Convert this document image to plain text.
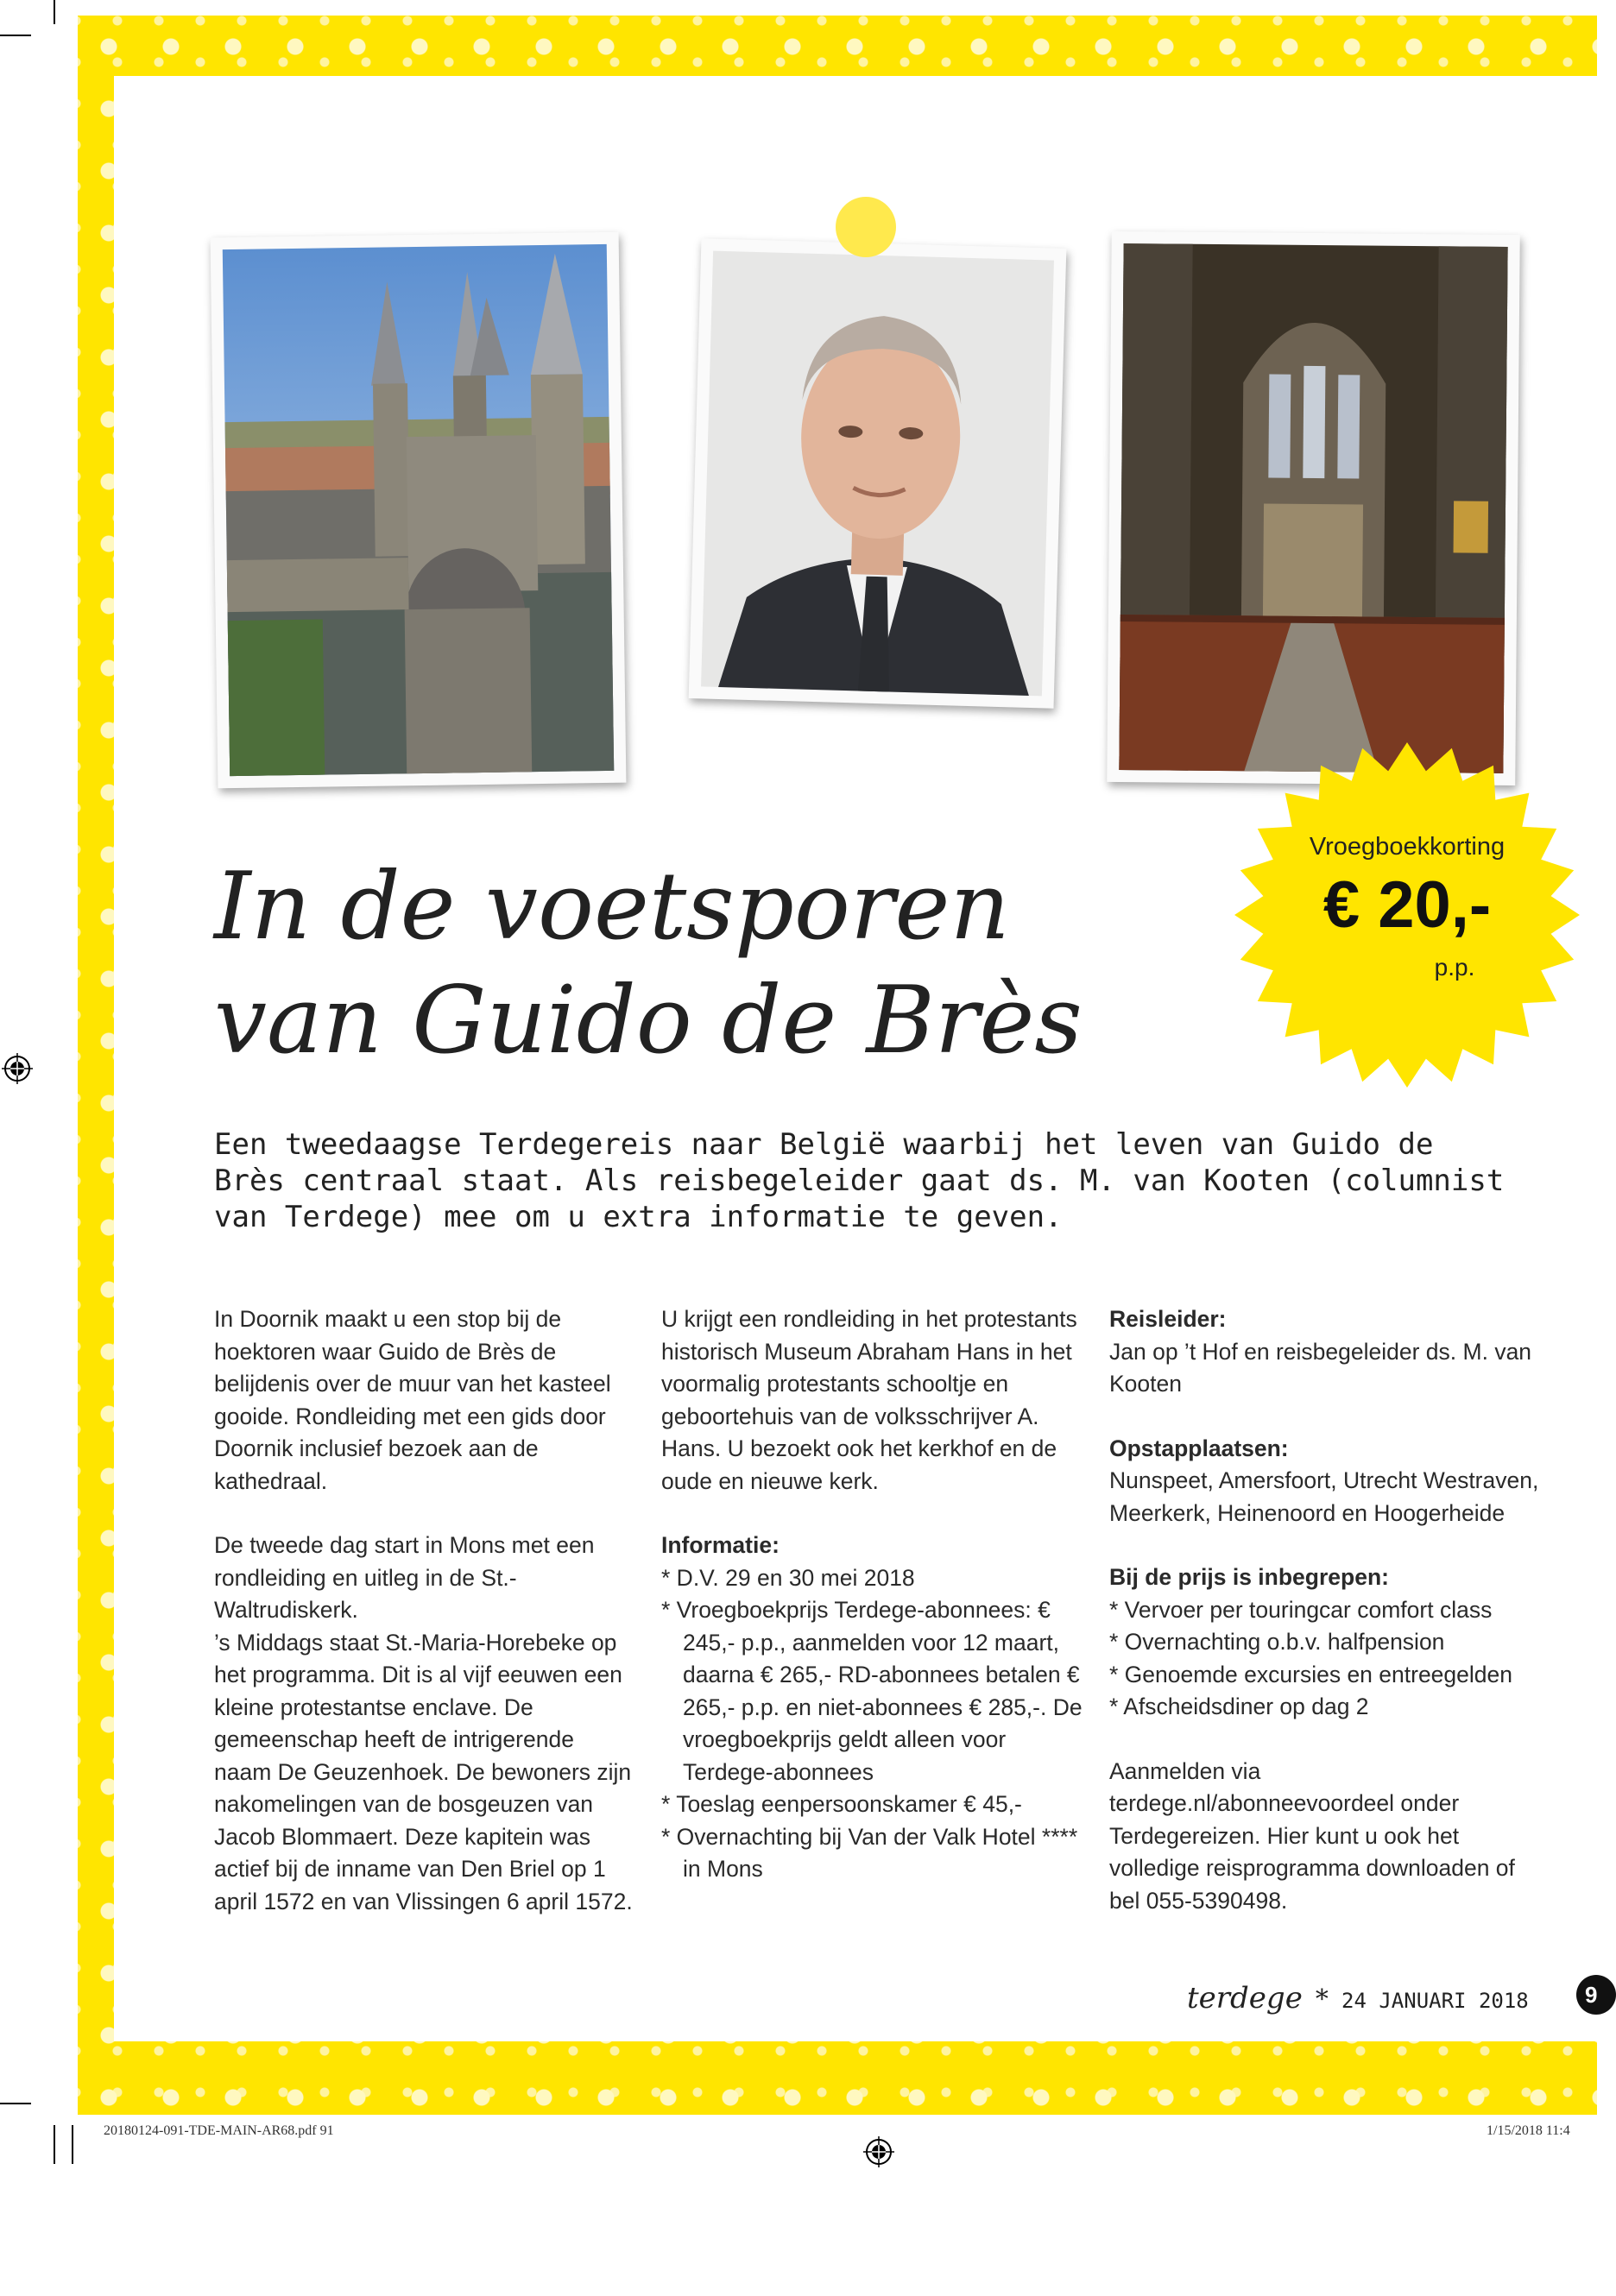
In de voetsporen
van Guido de Brès
Vroegboekkorting
€ 20,-
p.p.

Een tweedaagse Terdegereis naar België waarbij het leven van Guido de Brès centraal staat. Als reisbegeleider gaat ds. M. van Kooten (columnist van Terdege) mee om u extra informatie te geven.

In Doornik maakt u een stop bij de hoektoren waar Guido de Brès de belijdenis over de muur van het kasteel gooide. Rondleiding met een gids door Doornik inclusief bezoek aan de kathedraal.

De tweede dag start in Mons met een rondleiding en uitleg in de St.-Waltrudiskerk.

’s Middags staat St.-Maria-Horebeke op het programma. Dit is al vijf eeuwen een kleine protestantse enclave. De gemeenschap heeft de intrigerende naam De Geuzenhoek. De bewoners zijn nakomelingen van de bosgeuzen van Jacob Blommaert. Deze kapitein was actief bij de inname van Den Briel op 1 april 1572 en van Vlissingen 6 april 1572.

U krijgt een rondleiding in het protestants historisch Museum Abraham Hans in het voormalig protestants schooltje en geboortehuis van de volksschrijver A. Hans. U bezoekt ook het kerkhof en de oude en nieuwe kerk.

Informatie:

* D.V. 29 en 30 mei 2018
* Vroegboekprijs Terdege-abonnees: € 245,- p.p., aanmelden voor 12 maart, daarna € 265,- RD-abonnees betalen € 265,- p.p. en niet-abonnees € 285,-. De vroegboekprijs geldt alleen voor Terdege-abonnees
* Toeslag eenpersoonskamer € 45,-
* Overnachting bij Van der Valk Hotel **** in Mons

Reisleider:

Jan op ’t Hof en reisbegeleider ds. M. van Kooten

Opstapplaatsen:

Nunspeet, Amersfoort, Utrecht Westraven, Meerkerk, Heinenoord en Hoogerheide

Bij de prijs is inbegrepen:

* Vervoer per touringcar comfort class
* Overnachting o.b.v. halfpension
* Genoemde excursies en entreegelden
* Afscheidsdiner op dag 2

Aanmelden via terdege.nl/abonneevoordeel onder Terdegereizen. Hier kunt u ook het volledige reisprogramma downloaden of bel 055-5390498.

terdege * 24 JANUARI 2018	9
20180124-091-TDE-MAIN-AR68.pdf 91	1/15/2018 11:4
